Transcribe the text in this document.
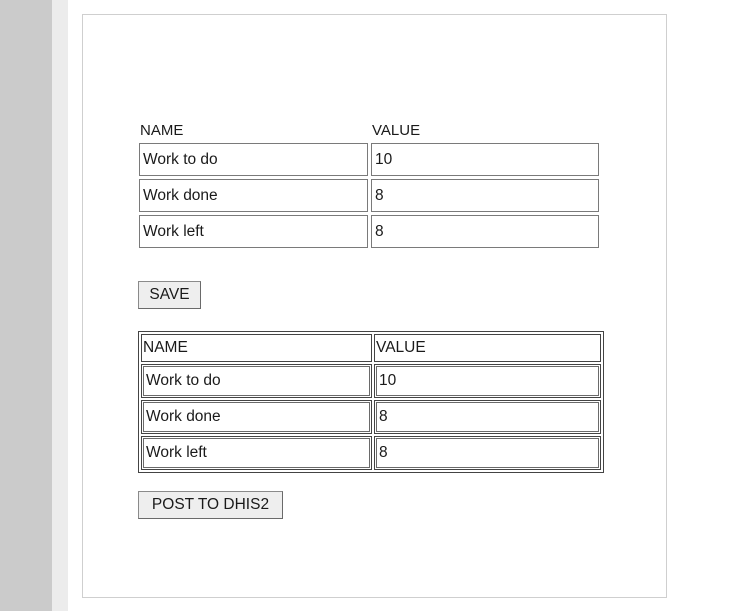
NAME	VALUE

Work to do	10

Work done	8

Work left	8
SAVE
NAME	VALUE

Work to do	10

Work done	8

Work left	8
POST TO DHIS2
